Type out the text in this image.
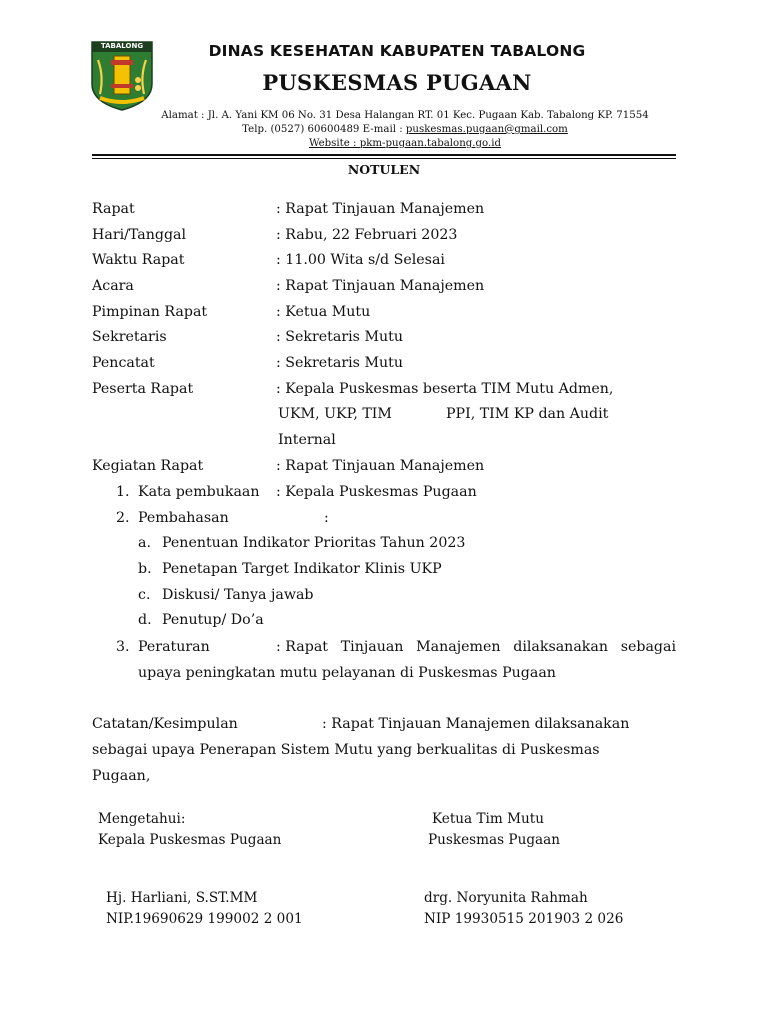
TABALONG	DINAS KESEHATAN KABUPATEN TABALONG
PUSKESMAS PUGAAN
Alamat : Jl. A. Yani KM 06 No. 31 Desa Halangan RT. 01 Kec. Pugaan Kab. Tabalong KP. 71554
Telp. (0527) 60600489 E-mail : puskesmas.pugaan@gmail.com
Website : pkm-pugaan.tabalong.go.id
NOTULEN
Rapat	: Rapat Tinjauan Manajemen
Hari/Tanggal	: Rabu, 22 Februari 2023
Waktu Rapat	: 11.00 Wita s/d Selesai
Acara	: Rapat Tinjauan Manajemen
Pimpinan Rapat	: Ketua Mutu
Sekretaris	: Sekretaris Mutu
Pencatat	: Sekretaris Mutu
Peserta Rapat	: Kepala Puskesmas beserta TIM Mutu Admen,
UKM, UKP, TIM	PPI, TIM KP dan Audit
Internal
Kegiatan Rapat	: Rapat Tinjauan Manajemen
1. Kata pembukaan : Kepala Puskesmas Pugaan
2. Pembahasan	:
a. Penentuan Indikator Prioritas Tahun 2023
b. Penetapan Target Indikator Klinis UKP
c. Diskusi/ Tanya jawab
d. Penutup/ Do’a
3. Peraturan	: Rapat Tinjauan Manajemen dilaksanakan sebagai
upaya peningkatan mutu pelayanan di Puskesmas Pugaan
Catatan/Kesimpulan	: Rapat Tinjauan Manajemen dilaksanakan
sebagai upaya Penerapan Sistem Mutu yang berkualitas di Puskesmas
Pugaan,
Mengetahui:
Kepala Puskesmas Pugaan
Hj. Harliani, S.ST.MM
NIP.19690629 199002 2 001
Ketua Tim Mutu
Puskesmas Pugaan
drg. Noryunita Rahmah
NIP 19930515 201903 2 026
